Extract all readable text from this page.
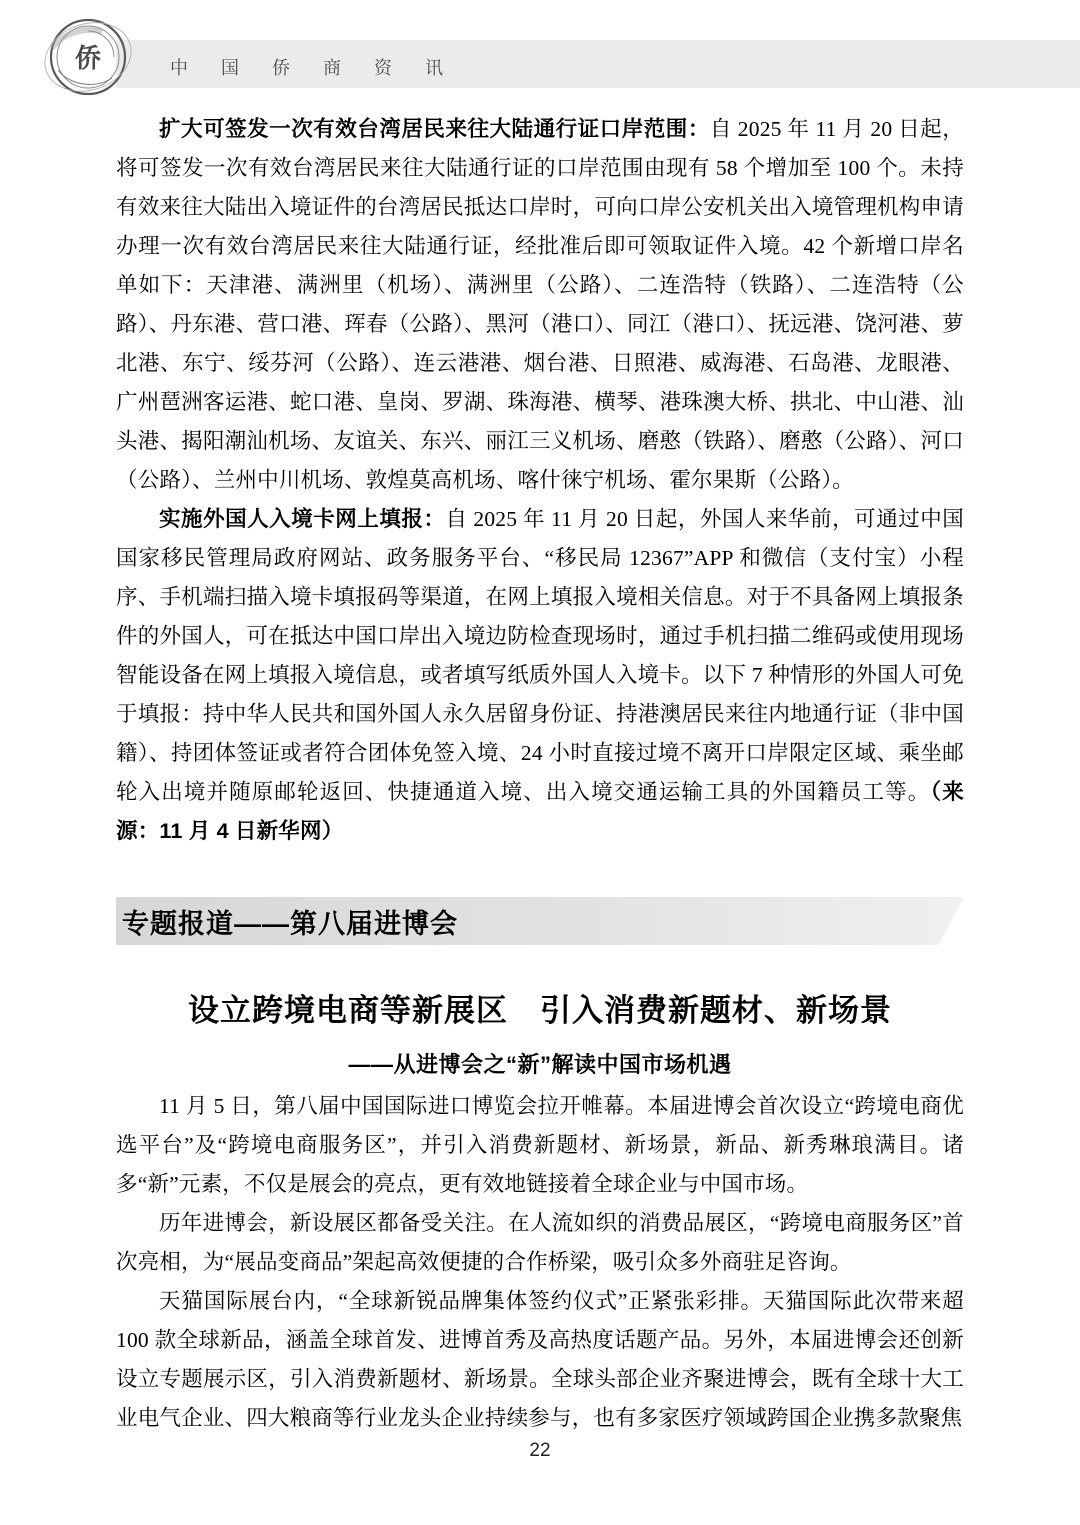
中 国 侨 商 资 讯
侨

扩大可签发一次有效台湾居民来往大陆通行证口岸范围：自 2025 年 11 月 20 日起，将可签发一次有效台湾居民来往大陆通行证的口岸范围由现有 58 个增加至 100 个。未持有效来往大陆出入境证件的台湾居民抵达口岸时，可向口岸公安机关出入境管理机构申请办理一次有效台湾居民来往大陆通行证，经批准后即可领取证件入境。42 个新增口岸名单如下：天津港、满洲里（机场）、满洲里（公路）、二连浩特（铁路）、二连浩特（公路）、丹东港、营口港、珲春（公路）、黑河（港口）、同江（港口）、抚远港、饶河港、萝北港、东宁、绥芬河（公路）、连云港港、烟台港、日照港、威海港、石岛港、龙眼港、广州琶洲客运港、蛇口港、皇岗、罗湖、珠海港、横琴、港珠澳大桥、拱北、中山港、汕头港、揭阳潮汕机场、友谊关、东兴、丽江三义机场、磨憨（铁路）、磨憨（公路）、河口（公路）、兰州中川机场、敦煌莫高机场、喀什徕宁机场、霍尔果斯（公路）。

实施外国人入境卡网上填报：自 2025 年 11 月 20 日起，外国人来华前，可通过中国国家移民管理局政府网站、政务服务平台、“移民局 12367”APP 和微信（支付宝）小程序、手机端扫描入境卡填报码等渠道，在网上填报入境相关信息。对于不具备网上填报条件的外国人，可在抵达中国口岸出入境边防检查现场时，通过手机扫描二维码或使用现场智能设备在网上填报入境信息，或者填写纸质外国人入境卡。以下 7 种情形的外国人可免于填报：持中华人民共和国外国人永久居留身份证、持港澳居民来往内地通行证（非中国籍）、持团体签证或者符合团体免签入境、24 小时直接过境不离开口岸限定区域、乘坐邮轮入出境并随原邮轮返回、快捷通道入境、出入境交通运输工具的外国籍员工等。（来源：11 月 4 日新华网）

专题报道——第八届进博会
设立跨境电商等新展区　引入消费新题材、新场景
——从进博会之“新”解读中国市场机遇

11 月 5 日，第八届中国国际进口博览会拉开帷幕。本届进博会首次设立“跨境电商优选平台”及“跨境电商服务区”，并引入消费新题材、新场景，新品、新秀琳琅满目。诸多“新”元素，不仅是展会的亮点，更有效地链接着全球企业与中国市场。

历年进博会，新设展区都备受关注。在人流如织的消费品展区，“跨境电商服务区”首次亮相，为“展品变商品”架起高效便捷的合作桥梁，吸引众多外商驻足咨询。

天猫国际展台内，“全球新锐品牌集体签约仪式”正紧张彩排。天猫国际此次带来超 100 款全球新品，涵盖全球首发、进博首秀及高热度话题产品。另外，本届进博会还创新设立专题展示区，引入消费新题材、新场景。全球头部企业齐聚进博会，既有全球十大工业电气企业、四大粮商等行业龙头企业持续参与，也有多家医疗领域跨国企业携多款聚焦

22
